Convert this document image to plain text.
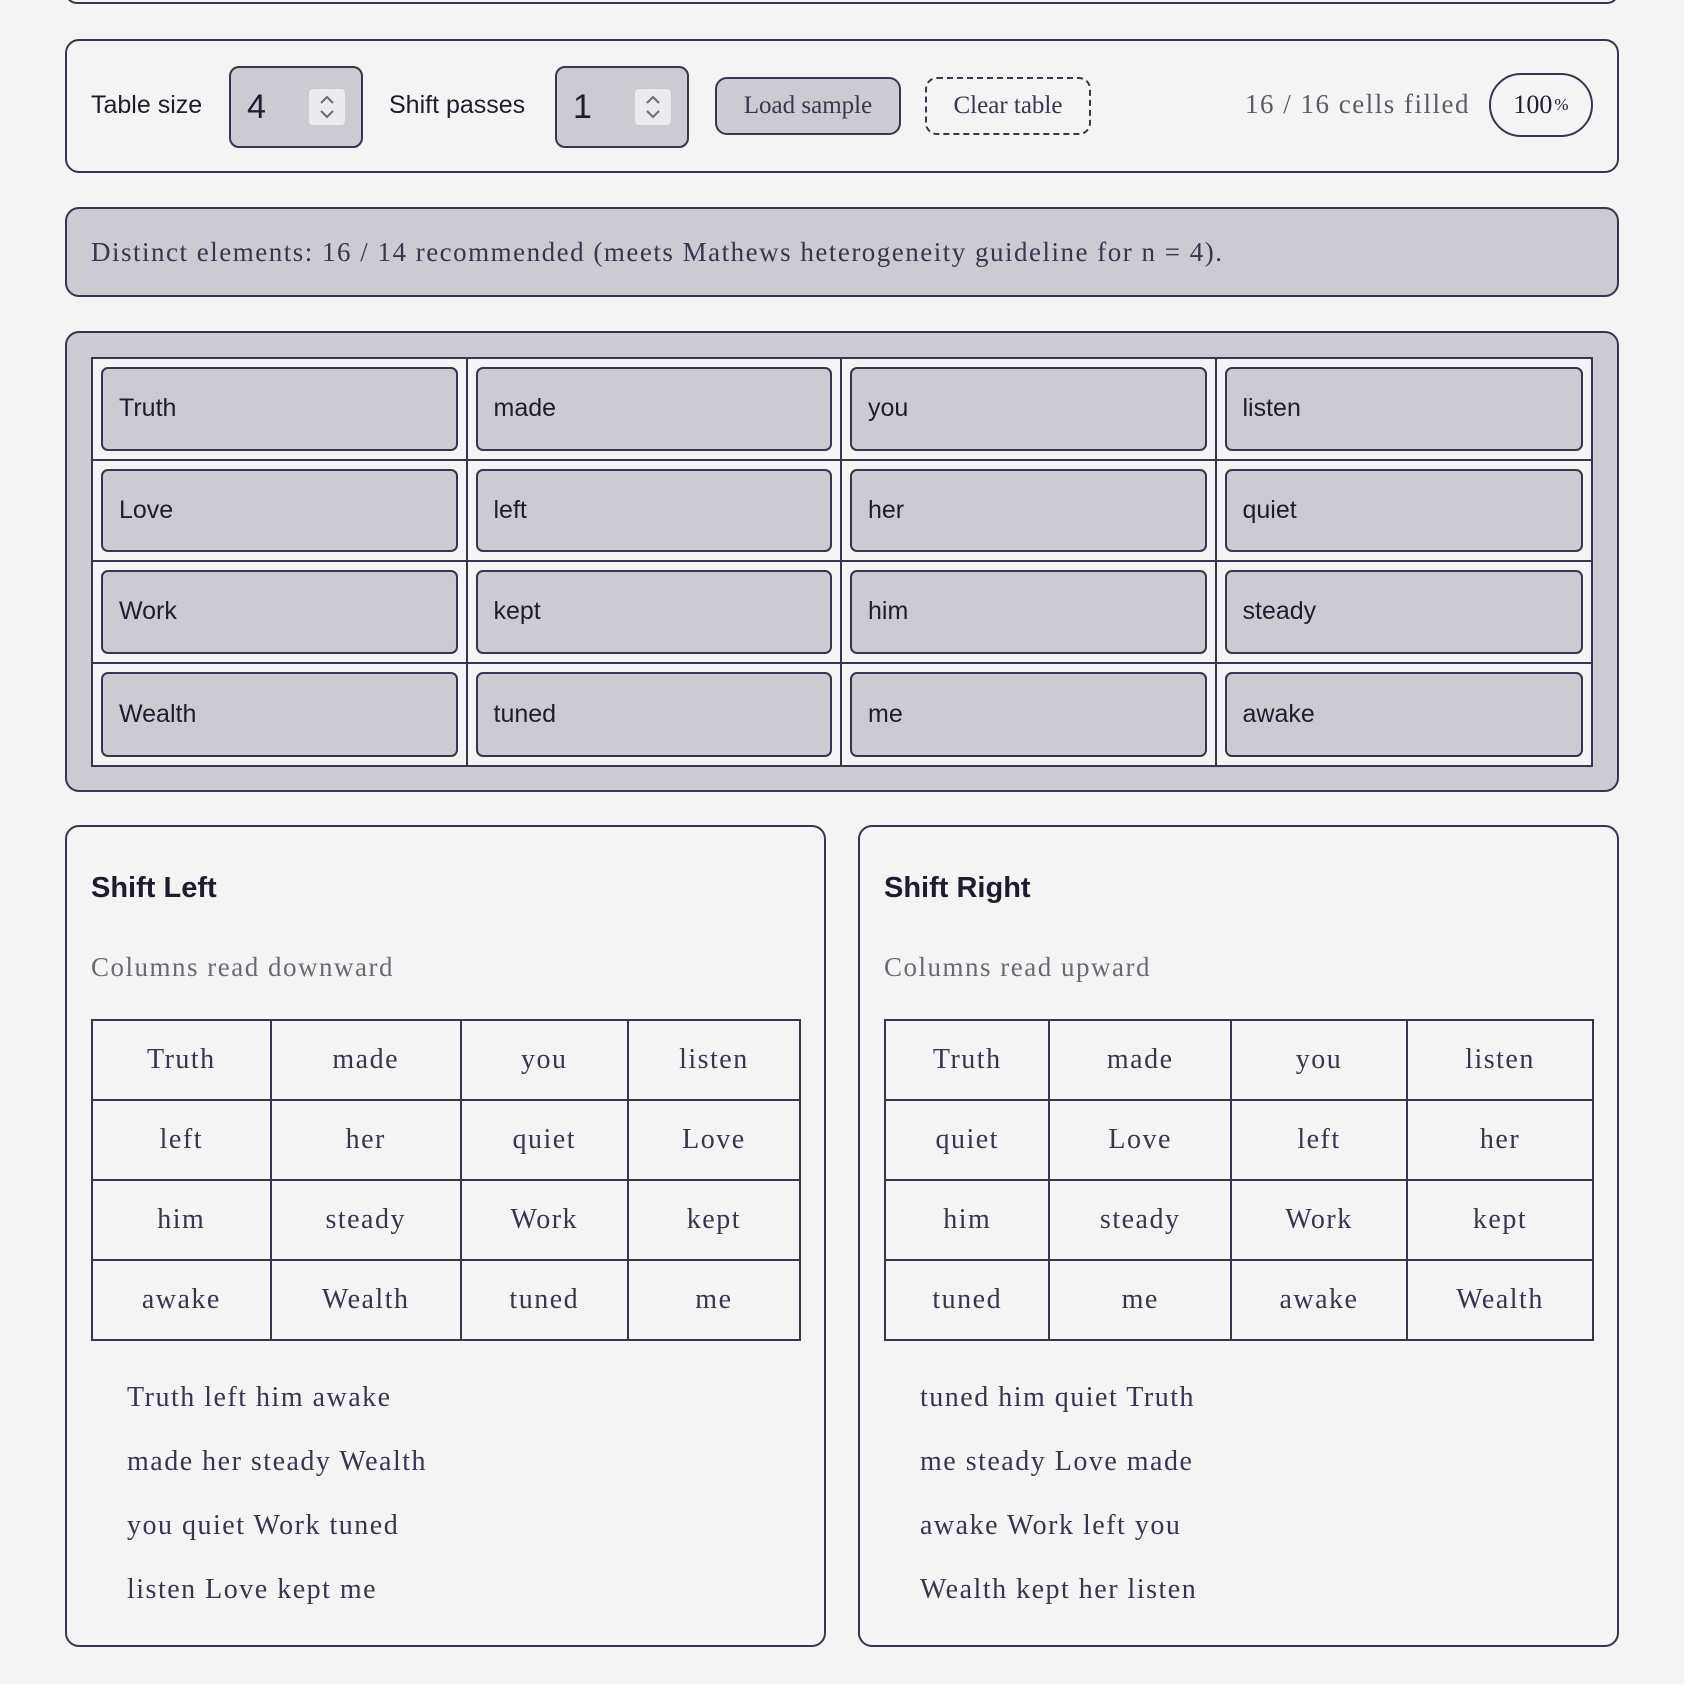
Table size 4	Shift passes 1	Load sample	Clear table	16 / 16 cells filled 100 %
Distinct elements: 16 / 14 recommended (meets Mathews heterogeneity guideline for n = 4).
Truth	made	you	listen
Love	left	her	quiet
Work	kept	him	steady
Wealth	tuned	me	awake
Shift Left
Columns read downward
Truth	made	you	listen
left	her	quiet	Love
him	steady	Work	kept
awake	Wealth	tuned	me
Truth left him awake
made her steady Wealth
you quiet Work tuned
listen Love kept me
Shift Right
Columns read upward
Truth	made	you	listen
quiet	Love	left	her
him	steady	Work	kept
tuned	me	awake	Wealth
tuned him quiet Truth
me steady Love made
awake Work left you
Wealth kept her listen
